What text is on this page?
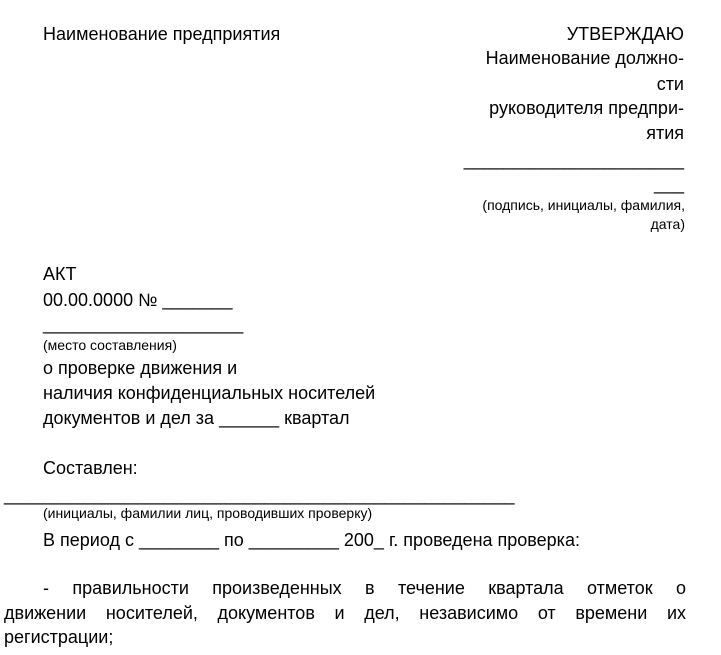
Наименование предприятия	УТВЕРЖДАЮ
Наименование должно-
сти
руководителя предпри-
ятия
______________________
___
(подпись, инициалы, фамилия,
дата)
АКТ
00.00.0000 № _______
____________________
(место составления)
о проверке движения и
наличия конфиденциальных носителей
документов и дел за ______ квартал
Составлен:
___________________________________________________
(инициалы, фамилии лиц, проводивших проверку)
В период с ________ по _________ 200_ г. проведена проверка:
- правильности произведенных в течение квартала отметок о
движении носителей, документов и дел, независимо от времени их
регистрации;
